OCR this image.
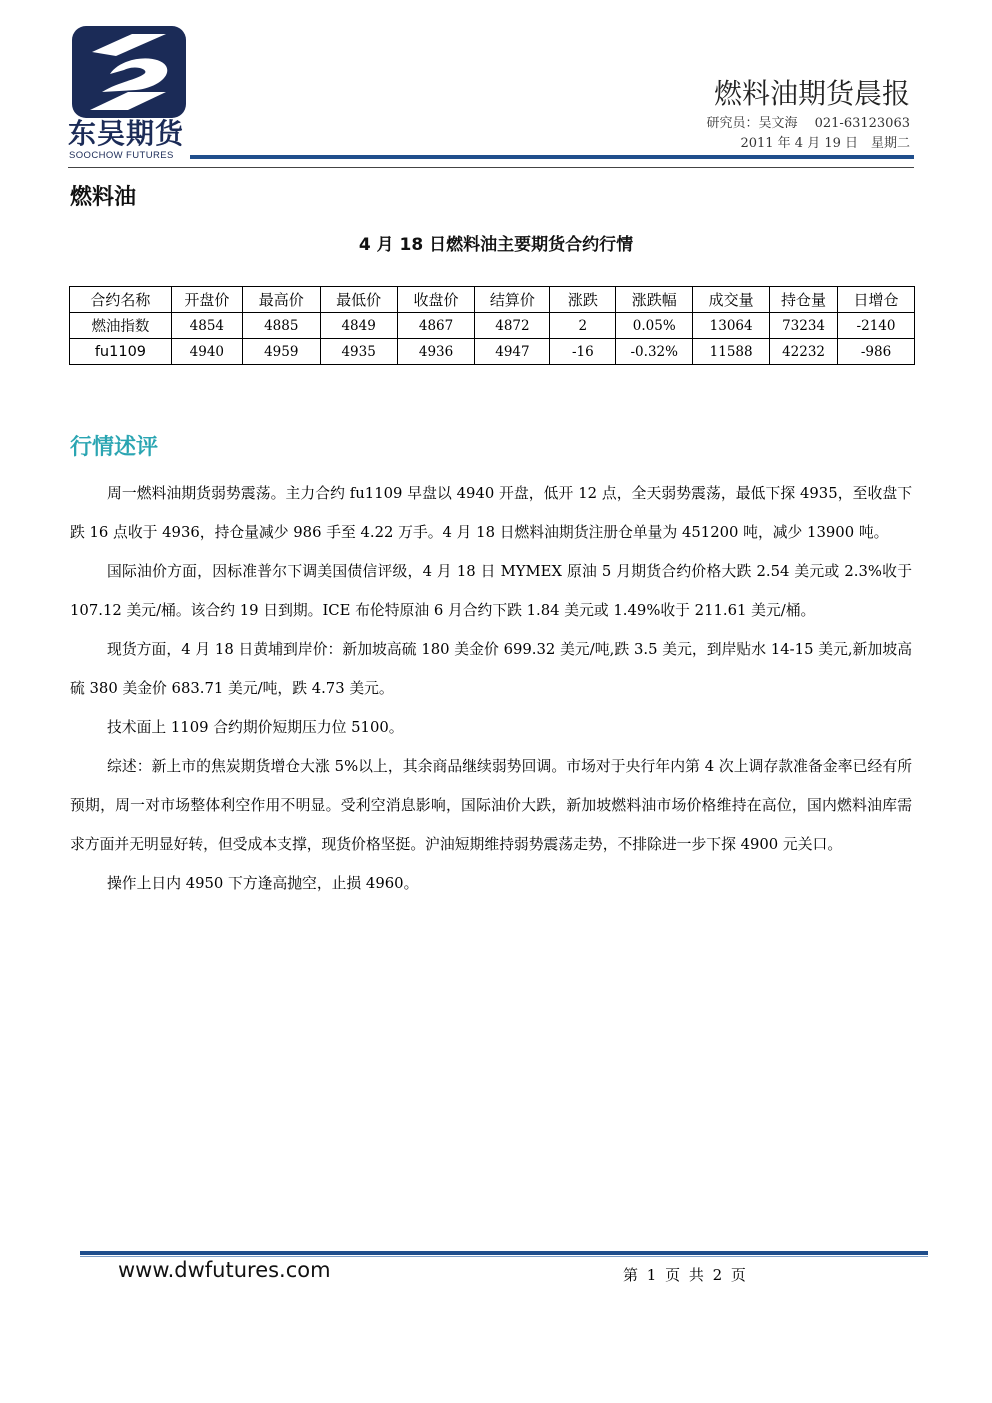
东吴期货
SOOCHOW FUTURES
燃料油期货晨报
研究员：吴文海　 021-63123063
2011 年 4 月 19 日　星期二
燃料油
4 月 18 日燃料油主要期货合约行情
合约名称	开盘价	最高价	最低价	收盘价	结算价	涨跌	涨跌幅	成交量	持仓量	日增仓
燃油指数	4854	4885	4849	4867	4872	2	0.05%	13064	73234	-2140
fu1109	4940	4959	4935	4936	4947	-16	-0.32%	11588	42232	-986
行情述评

周一燃料油期货弱势震荡。主力合约 fu1109 早盘以 4940 开盘，低开 12 点，全天弱势震荡，最低下探 4935，至收盘下跌 16 点收于 4936，持仓量减少 986 手至 4.22 万手。4 月 18 日燃料油期货注册仓单量为 451200 吨，减少 13900 吨。

国际油价方面，因标准普尔下调美国债信评级，4 月 18 日 MYMEX 原油 5 月期货合约价格大跌 2.54 美元或 2.3%收于 107.12 美元/桶。该合约 19 日到期。ICE 布伦特原油 6 月合约下跌 1.84 美元或 1.49%收于 211.61 美元/桶。

现货方面，4 月 18 日黄埔到岸价：新加坡高硫 180 美金价 699.32 美元/吨,跌 3.5 美元，到岸贴水 14-15 美元,新加坡高硫 380 美金价 683.71 美元/吨，跌 4.73 美元。

技术面上 1109 合约期价短期压力位 5100。

综述：新上市的焦炭期货增仓大涨 5%以上，其余商品继续弱势回调。市场对于央行年内第 4 次上调存款准备金率已经有所预期，周一对市场整体利空作用不明显。受利空消息影响，国际油价大跌，新加坡燃料油市场价格维持在高位，国内燃料油库需求方面并无明显好转，但受成本支撑，现货价格坚挺。沪油短期维持弱势震荡走势，不排除进一步下探 4900 元关口。

操作上日内 4950 下方逢高抛空，止损 4960。

www.dwfutures.com	第 1 页 共 2 页
